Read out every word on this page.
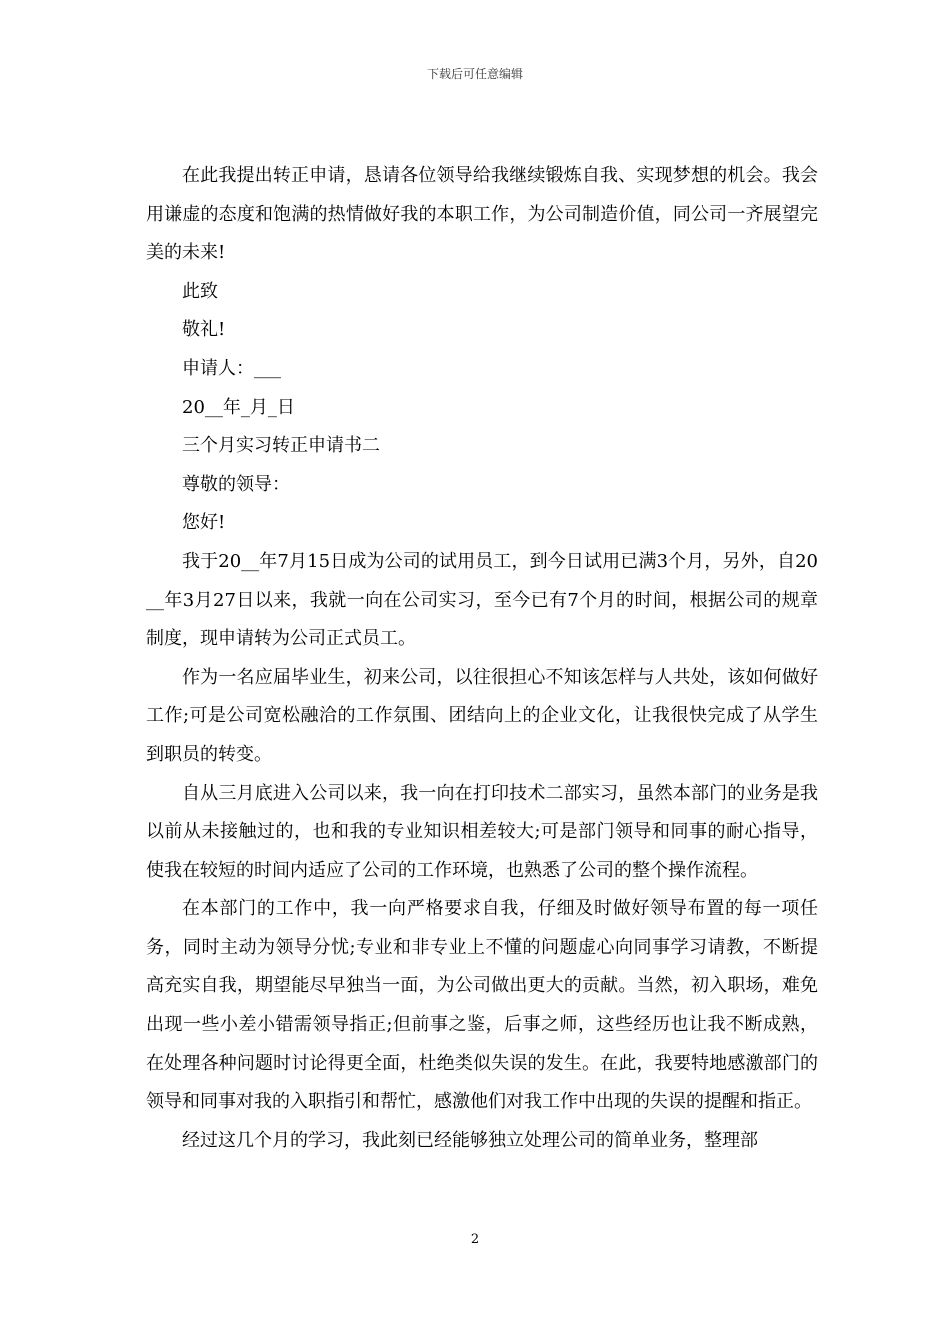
下载后可任意编辑

在此我提出转正申请，恳请各位领导给我继续锻炼自我、实现梦想的机会。我会用谦虚的态度和饱满的热情做好我的本职工作，为公司制造价值，同公司一齐展望完美的未来!

此致

敬礼!

申请人：___

20__年_月_日

三个月实习转正申请书二

尊敬的领导：

您好!

我于20__年7月15日成为公司的试用员工，到今日试用已满3个月，另外，自20__年3月27日以来，我就一向在公司实习，至今已有7个月的时间，根据公司的规章制度，现申请转为公司正式员工。

作为一名应届毕业生，初来公司，以往很担心不知该怎样与人共处，该如何做好工作;可是公司宽松融洽的工作氛围、团结向上的企业文化，让我很快完成了从学生到职员的转变。

自从三月底进入公司以来，我一向在打印技术二部实习，虽然本部门的业务是我以前从未接触过的，也和我的专业知识相差较大;可是部门领导和同事的耐心指导，使我在较短的时间内适应了公司的工作环境，也熟悉了公司的整个操作流程。

在本部门的工作中，我一向严格要求自我，仔细及时做好领导布置的每一项任务，同时主动为领导分忧;专业和非专业上不懂的问题虚心向同事学习请教，不断提高充实自我，期望能尽早独当一面，为公司做出更大的贡献。当然，初入职场，难免出现一些小差小错需领导指正;但前事之鉴，后事之师，这些经历也让我不断成熟，在处理各种问题时讨论得更全面，杜绝类似失误的发生。在此，我要特地感激部门的领导和同事对我的入职指引和帮忙，感激他们对我工作中出现的失误的提醒和指正。

经过这几个月的学习，我此刻已经能够独立处理公司的简单业务，整理部

2
